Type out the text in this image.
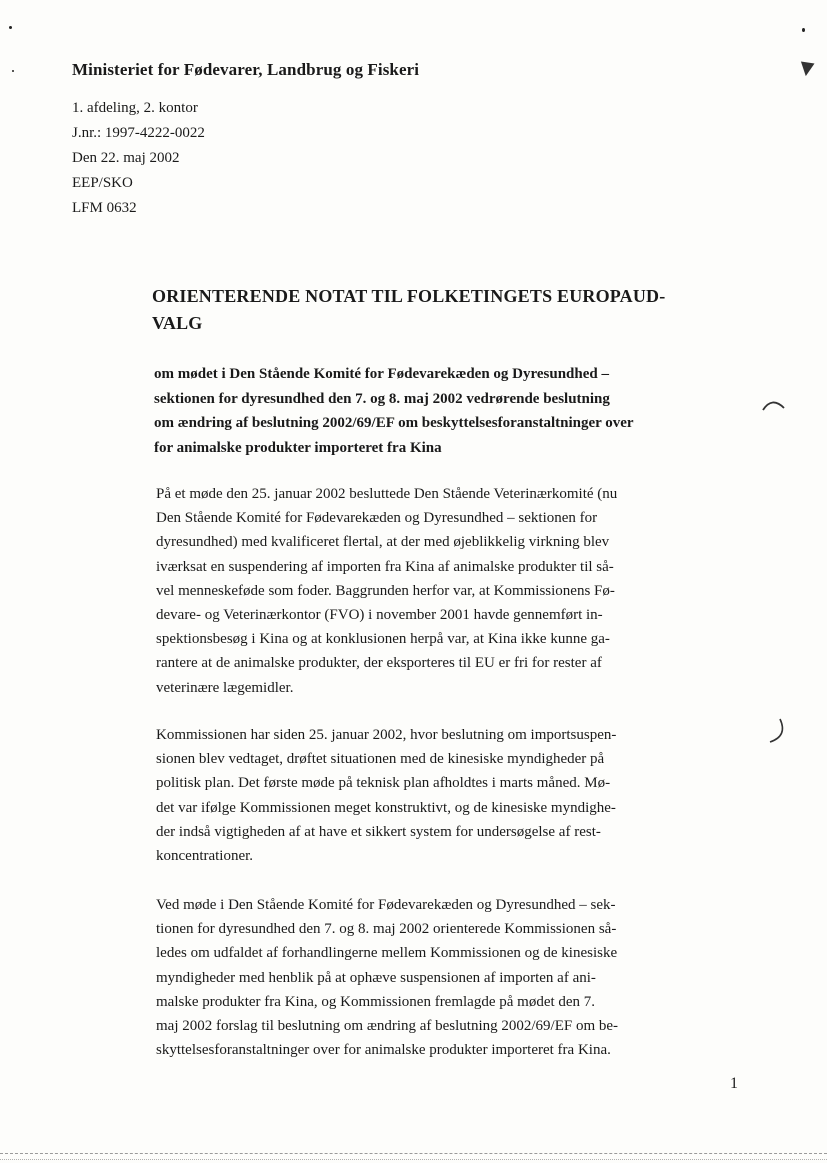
Ministeriet for Fødevarer, Landbrug og Fiskeri
1. afdeling, 2. kontor
J.nr.: 1997-4222-0022
Den 22. maj 2002
EEP/SKO
LFM 0632
ORIENTERENDE NOTAT TIL FOLKETINGETS EUROPAUD-
VALG
om mødet i Den Stående Komité for Fødevarekæden og Dyresundhed –
sektionen for dyresundhed den 7. og 8. maj 2002 vedrørende beslutning
om ændring af beslutning 2002/69/EF om beskyttelsesforanstaltninger over
for animalske produkter importeret fra Kina
På et møde den 25. januar 2002 besluttede Den Stående Veterinærkomité (nu
Den Stående Komité for Fødevarekæden og Dyresundhed – sektionen for
dyresundhed) med kvalificeret flertal, at der med øjeblikkelig virkning blev
iværksat en suspendering af importen fra Kina af animalske produkter til så-
vel menneskeføde som foder. Baggrunden herfor var, at Kommissionens Fø-
devare- og Veterinærkontor (FVO) i november 2001 havde gennemført in-
spektionsbesøg i Kina og at konklusionen herpå var, at Kina ikke kunne ga-
rantere at de animalske produkter, der eksporteres til EU er fri for rester af
veterinære lægemidler.
Kommissionen har siden 25. januar 2002, hvor beslutning om importsuspen-
sionen blev vedtaget, drøftet situationen med de kinesiske myndigheder på
politisk plan. Det første møde på teknisk plan afholdtes i marts måned. Mø-
det var ifølge Kommissionen meget konstruktivt, og de kinesiske myndighe-
der indså vigtigheden af at have et sikkert system for undersøgelse af rest-
koncentrationer.
Ved møde i Den Stående Komité for Fødevarekæden og Dyresundhed – sek-
tionen for dyresundhed den 7. og 8. maj 2002 orienterede Kommissionen så-
ledes om udfaldet af forhandlingerne mellem Kommissionen og de kinesiske
myndigheder med henblik på at ophæve suspensionen af importen af ani-
malske produkter fra Kina, og Kommissionen fremlagde på mødet den 7.
maj 2002 forslag til beslutning om ændring af beslutning 2002/69/EF om be-
skyttelsesforanstaltninger over for animalske produkter importeret fra Kina.
1
▼
